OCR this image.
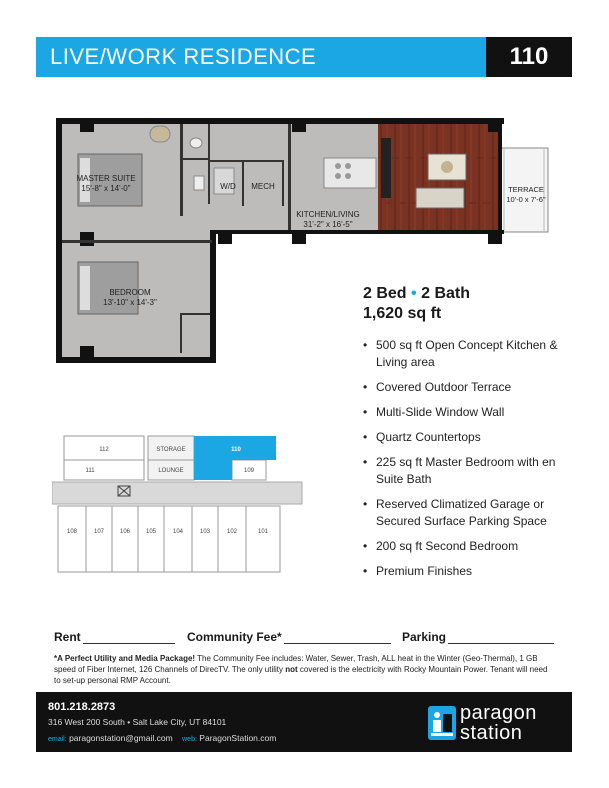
LIVE/WORK RESIDENCE	110
MASTER SUITE
15'-8" x 14'-0"	W/D MECH
KITCHEN/LIVING
31'-2" x 16'-5"
TERRACE
10'-0 x 7'-6"
BEDROOM
13'-10" x 14'-3"
2 Bed • 2 Bath
1,620 sq ft
• 500 sq ft Open Concept Kitchen & Living area
• Covered Outdoor Terrace
• Multi-Slide Window Wall
• Quartz Countertops
• 225 sq ft Master Bedroom with en Suite Bath
• Reserved Climatized Garage or Secured Surface Parking Space
• 200 sq ft Second Bedroom
• Premium Finishes
112
111
STORAGE
LOUNGE
110
109
108	107	106	105	104	103	102	101
Rent	Community Fee*	Parking
*A Perfect Utility and Media Package! The Community Fee includes: Water, Sewer, Trash, ALL heat in the Winter (Geo-Thermal), 1 GB speed of Fiber Internet, 126 Channels of DirecTV. The only utility not covered is the electricity with Rocky Mountain Power. Tenant will need to set-up personal RMP Account.
801.218.2873
316 West 200 South • Salt Lake City, UT 84101
email: paragonstation@gmail.com web: ParagonStation.com
paragon
station
